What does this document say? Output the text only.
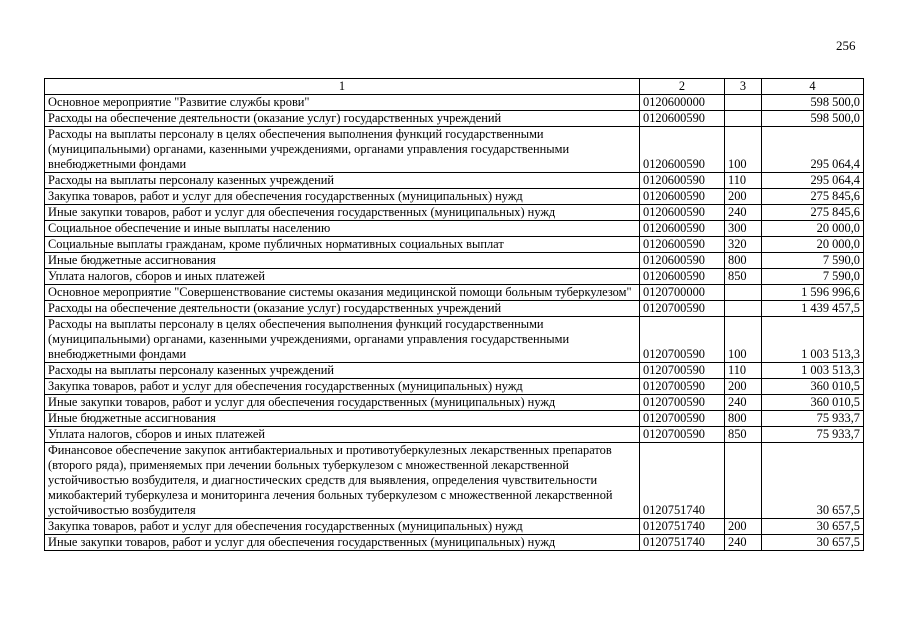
256
1	2	3	4
Основное мероприятие "Развитие службы крови"	0120600000		598 500,0
Расходы на обеспечение деятельности (оказание услуг) государственных учреждений	0120600590		598 500,0
Расходы на выплаты персоналу в целях обеспечения выполнения функций государственными (муниципальными) органами, казенными учреждениями, органами управления государственными внебюджетными фондами	0120600590	100	295 064,4
Расходы на выплаты персоналу казенных учреждений	0120600590	110	295 064,4
Закупка товаров, работ и услуг для обеспечения государственных (муниципальных) нужд	0120600590	200	275 845,6
Иные закупки товаров, работ и услуг для обеспечения государственных (муниципальных) нужд	0120600590	240	275 845,6
Социальное обеспечение и иные выплаты населению	0120600590	300	20 000,0
Социальные выплаты гражданам, кроме публичных нормативных социальных выплат	0120600590	320	20 000,0
Иные бюджетные ассигнования	0120600590	800	7 590,0
Уплата налогов, сборов и иных платежей	0120600590	850	7 590,0
Основное мероприятие "Совершенствование системы оказания медицинской помощи больным туберкулезом"	0120700000		1 596 996,6
Расходы на обеспечение деятельности (оказание услуг) государственных учреждений	0120700590		1 439 457,5
Расходы на выплаты персоналу в целях обеспечения выполнения функций государственными (муниципальными) органами, казенными учреждениями, органами управления государственными внебюджетными фондами	0120700590	100	1 003 513,3
Расходы на выплаты персоналу казенных учреждений	0120700590	110	1 003 513,3
Закупка товаров, работ и услуг для обеспечения государственных (муниципальных) нужд	0120700590	200	360 010,5
Иные закупки товаров, работ и услуг для обеспечения государственных (муниципальных) нужд	0120700590	240	360 010,5
Иные бюджетные ассигнования	0120700590	800	75 933,7
Уплата налогов, сборов и иных платежей	0120700590	850	75 933,7
Финансовое обеспечение закупок антибактериальных и противотуберкулезных лекарственных препаратов (второго ряда), применяемых при лечении больных туберкулезом с множественной лекарственной устойчивостью возбудителя, и диагностических средств для выявления, определения чувствительности микобактерий туберкулеза и мониторинга лечения больных туберкулезом с множественной лекарственной устойчивостью возбудителя	0120751740		30 657,5
Закупка товаров, работ и услуг для обеспечения государственных (муниципальных) нужд	0120751740	200	30 657,5
Иные закупки товаров, работ и услуг для обеспечения государственных (муниципальных) нужд	0120751740	240	30 657,5
